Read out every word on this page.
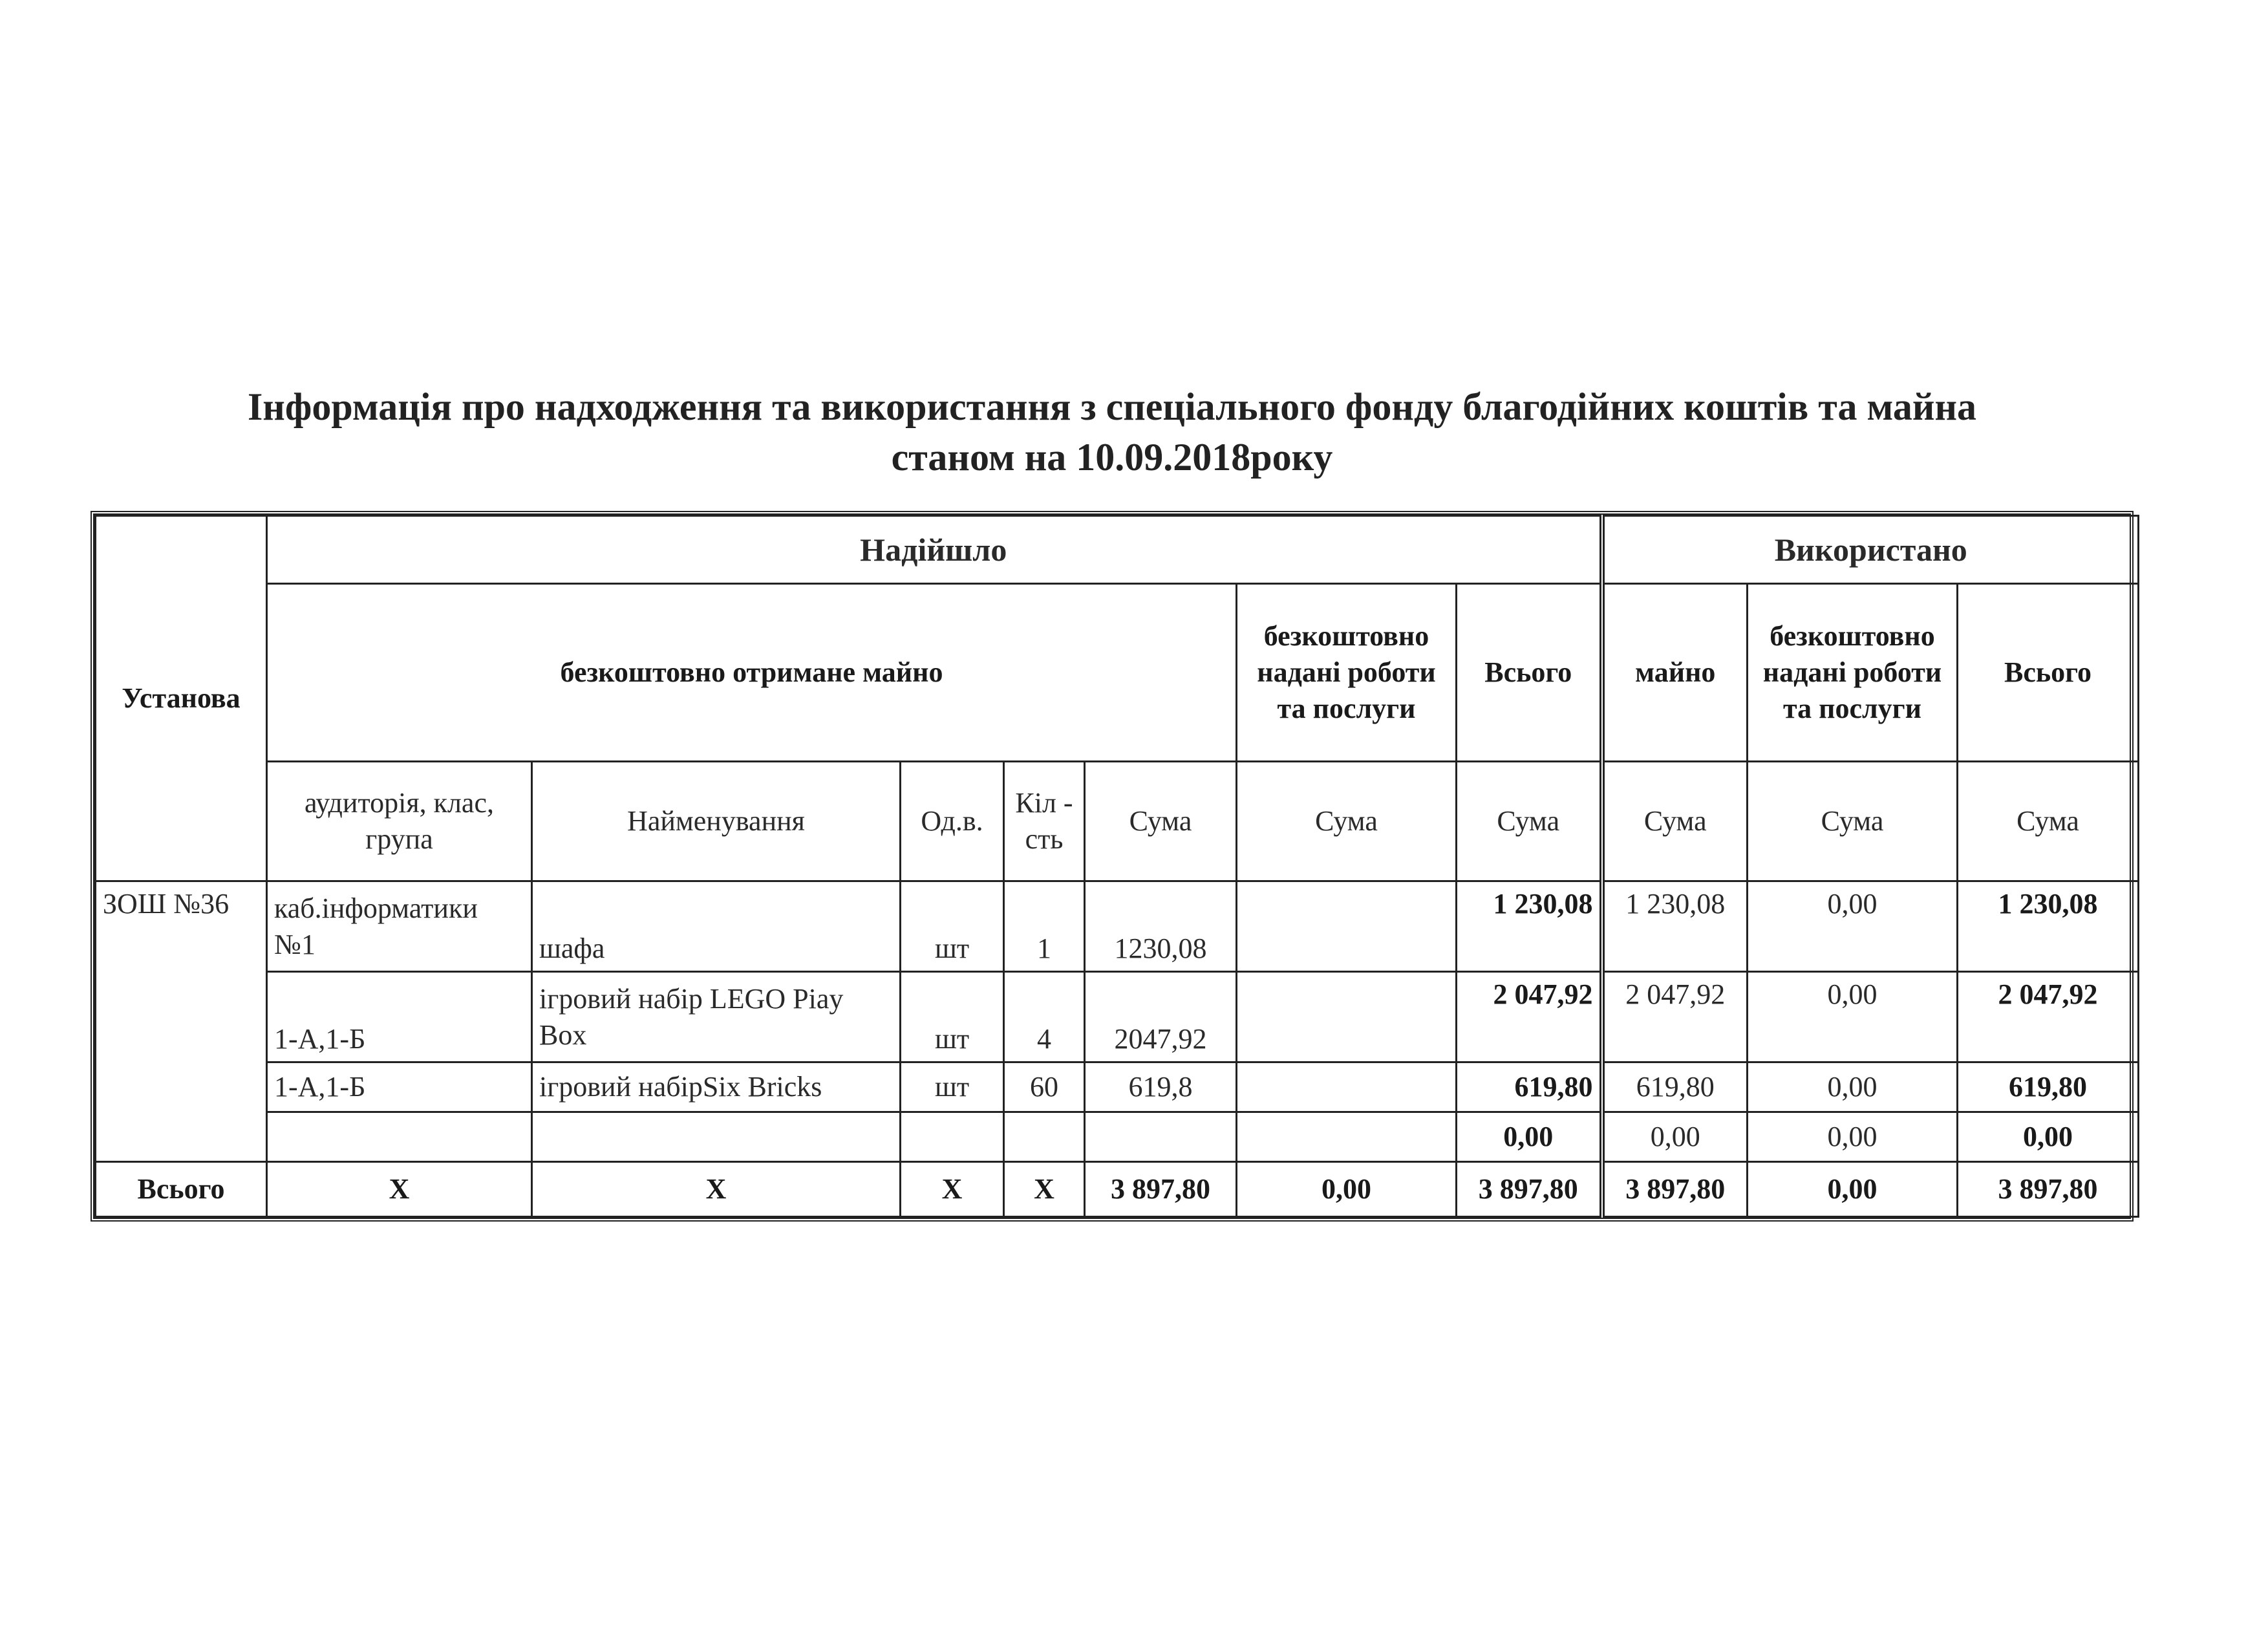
Інформація про надходження та використання з спеціального фонду благодійних коштів та майна
станом на 10.09.2018року
Установа	Надійшло							Використано		
	безкоштовно отримане майно					безкоштовно надані роботи та послуги	Всього	майно	безкоштовно надані роботи та послуги	Всього
	аудиторія, клас, група	Найменування	Од.в.	Кіл - сть	Сума	Сума	Сума	Сума	Сума	Сума
ЗОШ №36	каб.інформатики №1	шафа	шт	1	1230,08		1 230,08	1 230,08	0,00	1 230,08
	1-А,1-Б	ігровий набір LEGO Piay Box	шт	4	2047,92		2 047,92	2 047,92	0,00	2 047,92
	1-А,1-Б	ігровий набірSix Bricks	шт	60	619,8		619,80	619,80	0,00	619,80
							0,00	0,00	0,00	0,00
Всього	Х	Х	Х	Х	3 897,80	0,00	3 897,80	3 897,80	0,00	3 897,80
